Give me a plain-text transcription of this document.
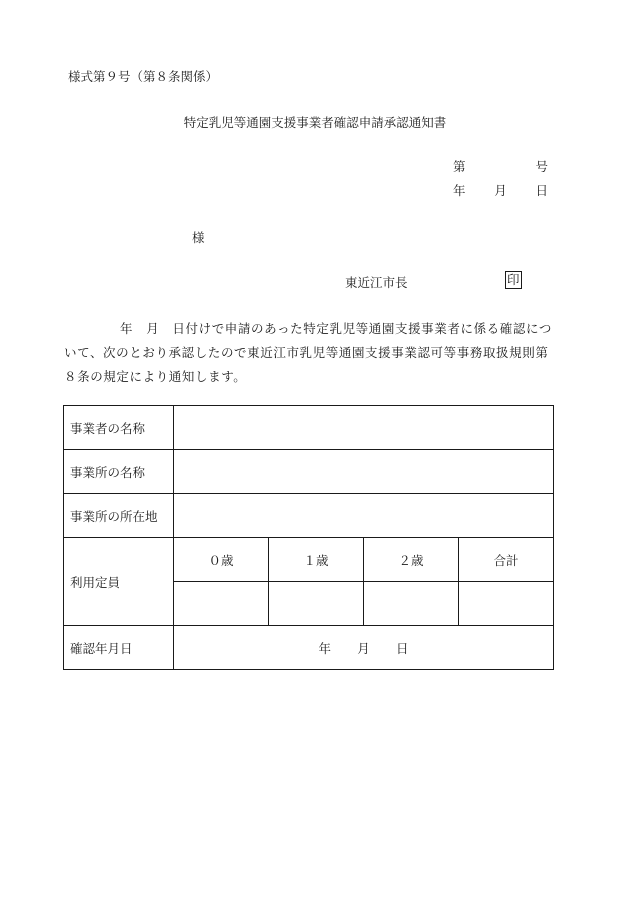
様式第９号（第８条関係）
特定乳児等通園支援事業者確認申請承認通知書
第	号
年 月 日
様
東近江市長	印
年　月　日付けで申請のあった特定乳児等通園支援事業者に係る確認について、次のとおり承認したので東近江市乳児等通園支援事業認可等事務取扱規則第８条の規定により通知します。
事業者の名称				
事業所の名称				
事業所の所在地				
利用定員	０歳	１歳	２歳	合計

確認年月日	年 月 日			
